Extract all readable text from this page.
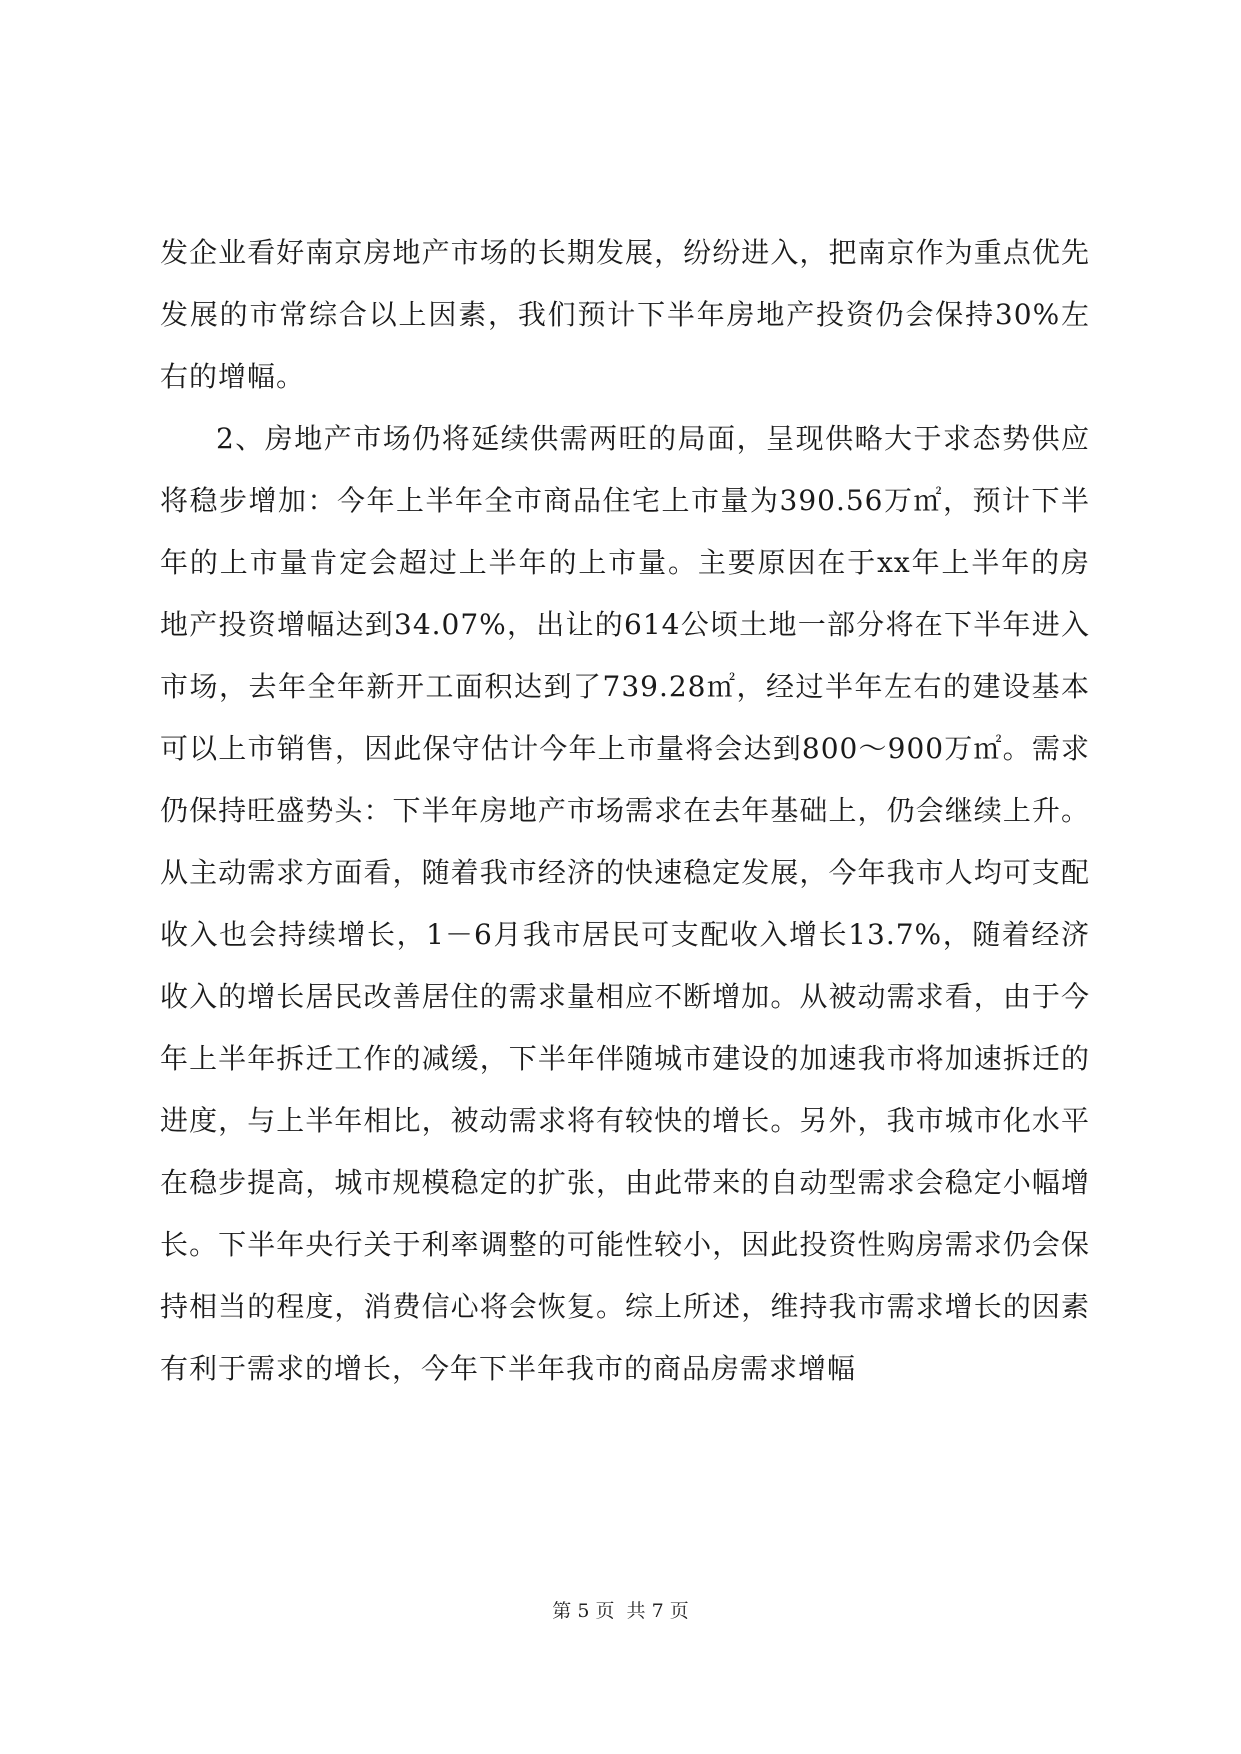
发企业看好南京房地产市场的长期发展，纷纷进入，把南京作为重点优先发展的市常综合以上因素，我们预计下半年房地产投资仍会保持30%左右的增幅。

2、房地产市场仍将延续供需两旺的局面，呈现供略大于求态势供应将稳步增加：今年上半年全市商品住宅上市量为390.56万㎡，预计下半年的上市量肯定会超过上半年的上市量。主要原因在于xx年上半年的房地产投资增幅达到34.07%，出让的614公顷土地一部分将在下半年进入市场，去年全年新开工面积达到了739.28㎡，经过半年左右的建设基本可以上市销售，因此保守估计今年上市量将会达到800～900万㎡。需求仍保持旺盛势头：下半年房地产市场需求在去年基础上，仍会继续上升。从主动需求方面看，随着我市经济的快速稳定发展，今年我市人均可支配收入也会持续增长，1－6月我市居民可支配收入增长13.7%，随着经济收入的增长居民改善居住的需求量相应不断增加。从被动需求看，由于今年上半年拆迁工作的减缓，下半年伴随城市建设的加速我市将加速拆迁的进度，与上半年相比，被动需求将有较快的增长。另外，我市城市化水平在稳步提高，城市规模稳定的扩张，由此带来的自动型需求会稳定小幅增长。下半年央行关于利率调整的可能性较小，因此投资性购房需求仍会保持相当的程度，消费信心将会恢复。综上所述，维持我市需求增长的因素有利于需求的增长，今年下半年我市的商品房需求增幅

第 5 页  共 7 页
